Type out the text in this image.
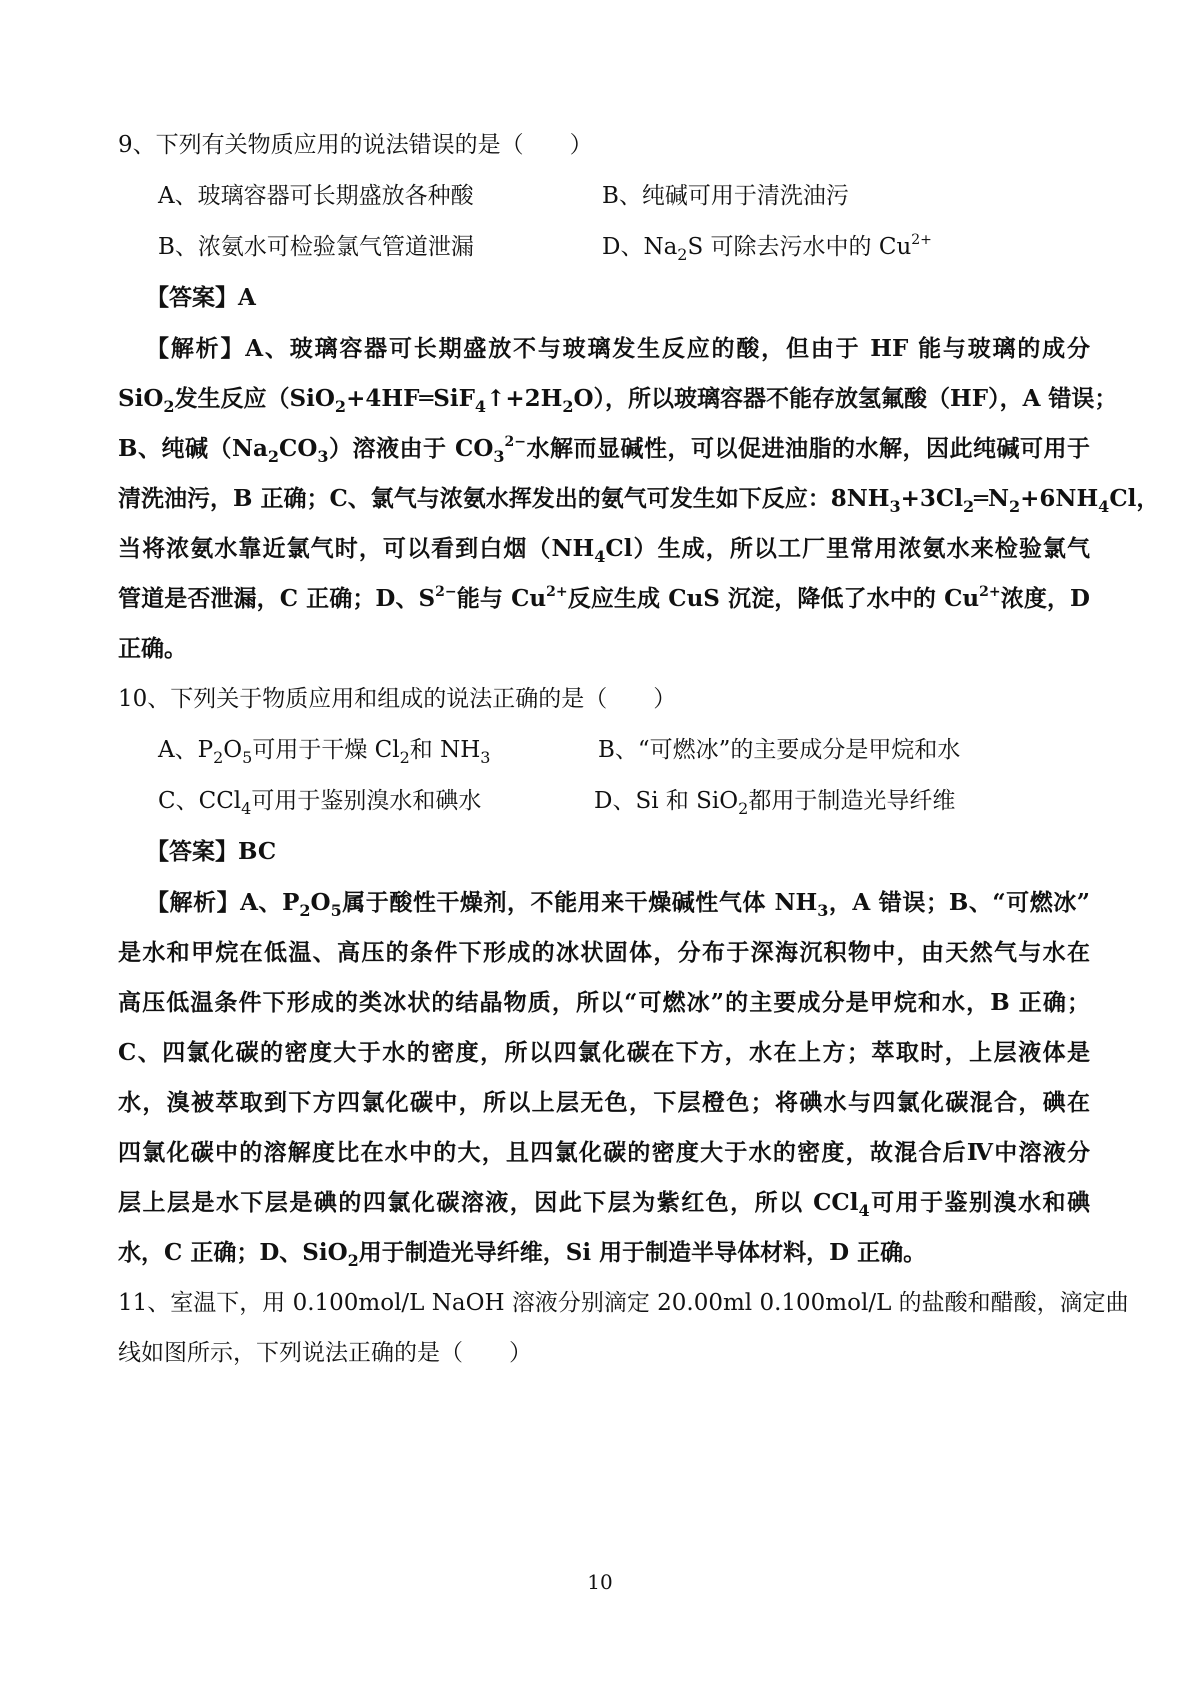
9、下列有关物质应用的说法错误的是（　　）
A、玻璃容器可长期盛放各种酸	B、纯碱可用于清洗油污
B、浓氨水可检验氯气管道泄漏	D、$Na_2S$ 可除去污水中的 $Cu^{2+}$
【答案】A
【解析】A、玻璃容器可长期盛放不与玻璃发生反应的酸，但由于 HF 能与玻璃的成分
SiO$_2$发生反应$(SiO_2+4HF═SiF_4↑+2H_2O)$，所以玻璃容器不能存放氢氟酸（HF），A 错误；
B、纯碱$(Na_2CO_3)$溶液由于 $CO_3^{2-}$水解而显碱性，可以促进油脂的水解，因此纯碱可用于
清洗油污，B 正确；C、氯气与浓氨水挥发出的氨气可发生如下反应：$8NH_3+3Cl_2═N_2+6NH_4Cl$，
当将浓氨水靠近氯气时，可以看到白烟$(NH_4Cl)$生成，所以工厂里常用浓氨水来检验氯气
管道是否泄漏，C 正确；D、$S^{2-}$能与 $Cu^{2+}$反应生成 CuS 沉淀，降低了水中的 $Cu^{2+}$浓度，D
正确。
10、下列关于物质应用和组成的说法正确的是（　　）
A、$P_2O_5$可用于干燥 $Cl_2$和 $NH_3$	B、“可燃冰”的主要成分是甲烷和水
C、CCl$_4$可用于鉴别溴水和碘水	D、Si 和 SiO$_2$都用于制造光导纤维
【答案】BC
【解析】A、$P_2O_5$属于酸性干燥剂，不能用来干燥碱性气体 $NH_3$，A 错误；B、“可燃冰”
是水和甲烷在低温、高压的条件下形成的冰状固体，分布于深海沉积物中，由天然气与水在
高压低温条件下形成的类冰状的结晶物质，所以“可燃冰”的主要成分是甲烷和水，B 正确；
C、四氯化碳的密度大于水的密度，所以四氯化碳在下方，水在上方；萃取时，上层液体是
水，溴被萃取到下方四氯化碳中，所以上层无色，下层橙色；将碘水与四氯化碳混合，碘在
四氯化碳中的溶解度比在水中的大，且四氯化碳的密度大于水的密度，故混合后Ⅳ中溶液分
层上层是水下层是碘的四氯化碳溶液，因此下层为紫红色，所以 CCl$_4$可用于鉴别溴水和碘
水，C 正确；D、SiO$_2$用于制造光导纤维，Si 用于制造半导体材料，D 正确。
11、室温下，用 0.100mol/L NaOH 溶液分别滴定 20.00ml 0.100mol/L 的盐酸和醋酸，滴定曲
线如图所示，下列说法正确的是（　　）
10
